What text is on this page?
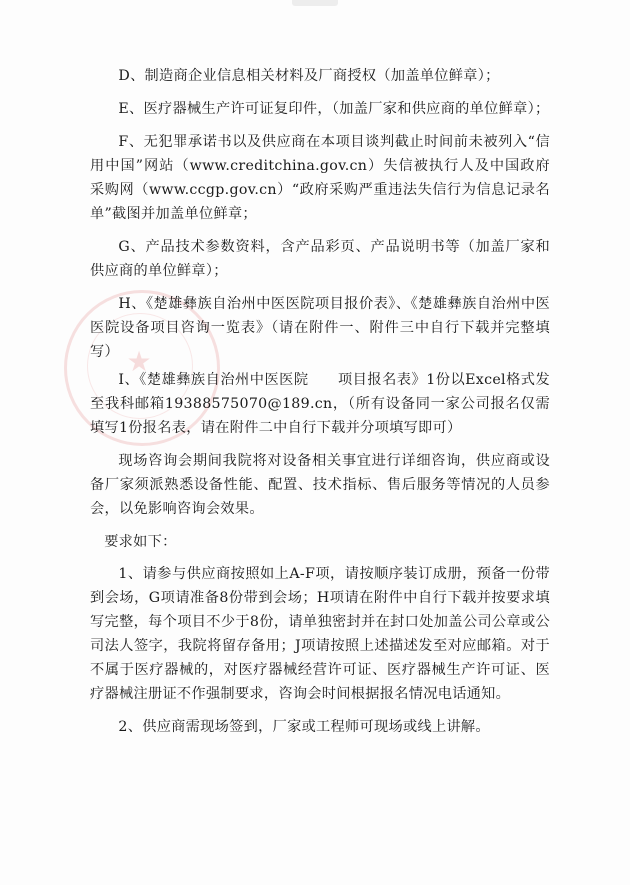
★

D、制造商企业信息相关材料及厂商授权（加盖单位鲜章）；

E、医疗器械生产许可证复印件，（加盖厂家和供应商的单位鲜章）；

F、无犯罪承诺书以及供应商在本项目谈判截止时间前未被列入“信用中国”网站（www.creditchina.gov.cn）失信被执行人及中国政府采购网（www.ccgp.gov.cn）“政府采购严重违法失信行为信息记录名单”截图并加盖单位鲜章；

G、产品技术参数资料，含产品彩页、产品说明书等（加盖厂家和供应商的单位鲜章）；

H、《楚雄彝族自治州中医医院项目报价表》、《楚雄彝族自治州中医医院设备项目咨询一览表》（请在附件一、附件三中自行下载并完整填写）

I、《楚雄彝族自治州中医医院　　项目报名表》1份以Excel格式发至我科邮箱19388575070@189.cn，（所有设备同一家公司报名仅需填写1份报名表，请在附件二中自行下载并分项填写即可）

现场咨询会期间我院将对设备相关事宜进行详细咨询，供应商或设备厂家须派熟悉设备性能、配置、技术指标、售后服务等情况的人员参会，以免影响咨询会效果。

要求如下：

1、请参与供应商按照如上A-F项，请按顺序装订成册，预备一份带到会场，G项请准备8份带到会场；H项请在附件中自行下载并按要求填写完整，每个项目不少于8份，请单独密封并在封口处加盖公司公章或公司法人签字，我院将留存备用；J项请按照上述描述发至对应邮箱。对于不属于医疗器械的，对医疗器械经营许可证、医疗器械生产许可证、医疗器械注册证不作强制要求，咨询会时间根据报名情况电话通知。

2、供应商需现场签到，厂家或工程师可现场或线上讲解。
